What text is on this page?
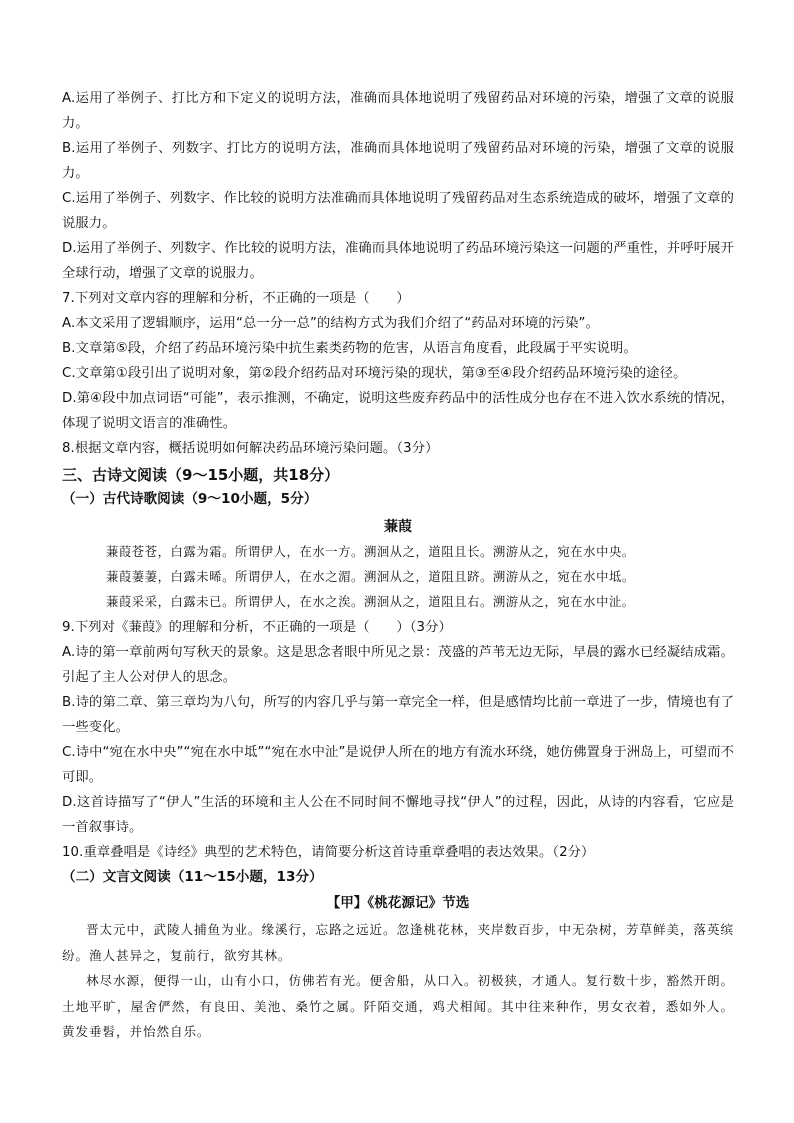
A.运用了举例子、打比方和下定义的说明方法，准确而具体地说明了残留药品对环境的污染，增强了文章的说服力。

B.运用了举例子、列数字、打比方的说明方法，准确而具体地说明了残留药品对环境的污染，增强了文章的说服力。

C.运用了举例子、列数字、作比较的说明方法准确而具体地说明了残留药品对生态系统造成的破坏，增强了文章的说服力。

D.运用了举例子、列数字、作比较的说明方法，准确而具体地说明了药品环境污染这一问题的严重性，并呼吁展开全球行动，增强了文章的说服力。

7.下列对文章内容的理解和分析，不正确的一项是（　　）

A.本文采用了逻辑顺序，运用“总一分一总”的结构方式为我们介绍了“药品对环境的污染”。

B.文章第⑤段，介绍了药品环境污染中抗生素类药物的危害，从语言角度看，此段属于平实说明。

C.文章第①段引出了说明对象，第②段介绍药品对环境污染的现状，第③至④段介绍药品环境污染的途径。

D.第④段中加点词语“可能”，表示推测，不确定，说明这些废弃药品中的活性成分也存在不进入饮水系统的情况，体现了说明文语言的准确性。

8.根据文章内容，概括说明如何解决药品环境污染问题。（3分）

三、古诗文阅读（9～15小题，共18分）

（一）古代诗歌阅读（9～10小题，5分）

蒹葭

蒹葭苍苍，白露为霜。所谓伊人，在水一方。溯洄从之，道阻且长。溯游从之，宛在水中央。

蒹葭萋萋，白露未晞。所谓伊人，在水之湄。溯洄从之，道阻且跻。溯游从之，宛在水中坻。

蒹葭采采，白露未已。所谓伊人，在水之涘。溯洄从之，道阻且右。溯游从之，宛在水中沚。

9.下列对《蒹葭》的理解和分析，不正确的一项是（　　）（3分）

A.诗的第一章前两句写秋天的景象。这是思念者眼中所见之景：茂盛的芦苇无边无际，早晨的露水已经凝结成霜。引起了主人公对伊人的思念。

B.诗的第二章、第三章均为八句，所写的内容几乎与第一章完全一样，但是感情均比前一章进了一步，情境也有了一些变化。

C.诗中“宛在水中央”“宛在水中坻”“宛在水中沚”是说伊人所在的地方有流水环绕，她仿佛置身于洲岛上，可望而不可即。

D.这首诗描写了“伊人”生活的环境和主人公在不同时间不懈地寻找“伊人”的过程，因此，从诗的内容看，它应是一首叙事诗。

10.重章叠唱是《诗经》典型的艺术特色，请简要分析这首诗重章叠唱的表达效果。（2分）

（二）文言文阅读（11～15小题，13分）

【甲】《桃花源记》节选

晋太元中，武陵人捕鱼为业。缘溪行，忘路之远近。忽逢桃花林，夹岸数百步，中无杂树，芳草鲜美，落英缤纷。渔人甚异之，复前行，欲穷其林。

林尽水源，便得一山，山有小口，仿佛若有光。便舍船，从口入。初极狭，才通人。复行数十步，豁然开朗。土地平旷，屋舍俨然，有良田、美池、桑竹之属。阡陌交通，鸡犬相闻。其中往来种作，男女衣着，悉如外人。黄发垂髫，并怡然自乐。
